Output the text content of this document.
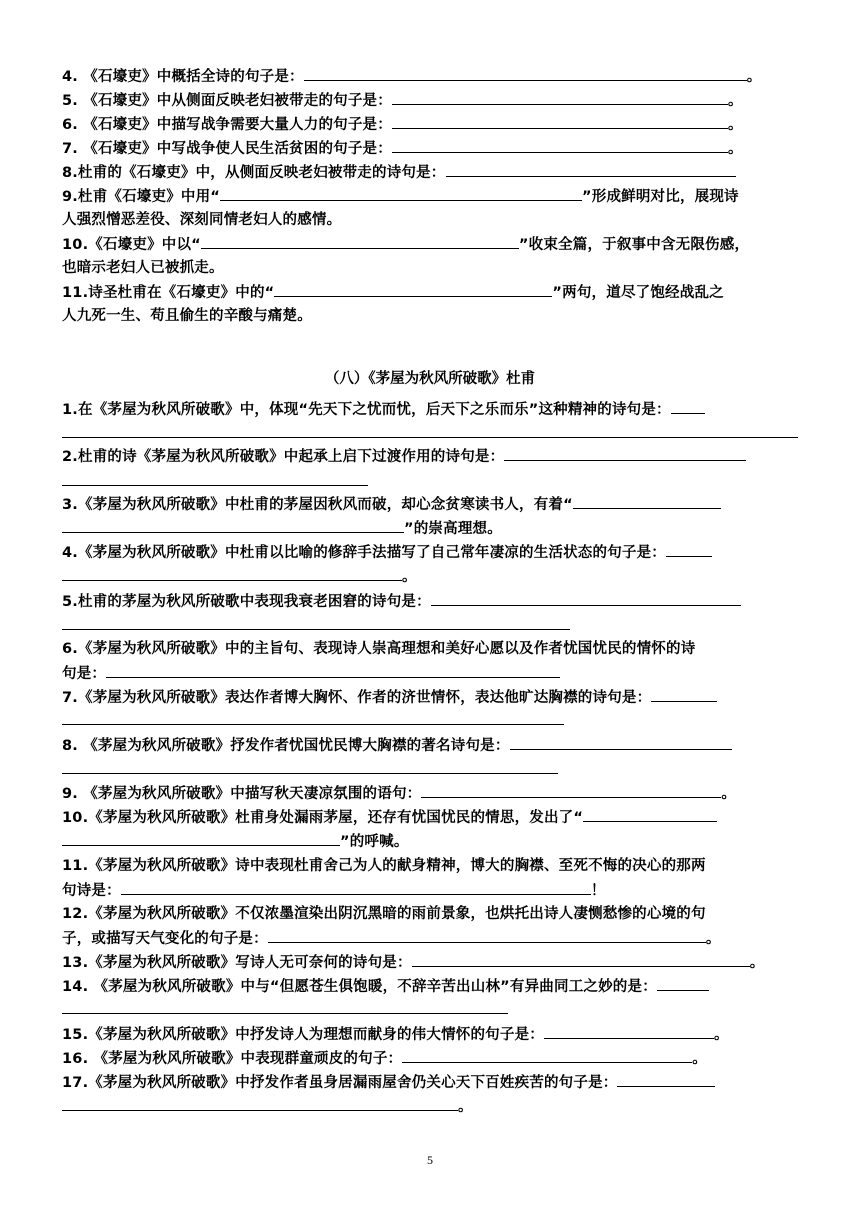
4. 《石壕吏》中概括全诗的句子是：	。
5. 《石壕吏》中从侧面反映老妇被带走的句子是：	。
6. 《石壕吏》中描写战争需要大量人力的句子是：	。
7. 《石壕吏》中写战争使人民生活贫困的句子是：	。
8.杜甫的《石壕吏》中，从侧面反映老妇被带走的诗句是：
9.杜甫《石壕吏》中用“	”形成鲜明对比，展现诗
人强烈憎恶差役、深刻同情老妇人的感情。
10.《石壕吏》中以“	”收束全篇，于叙事中含无限伤感，
也暗示老妇人已被抓走。
11.诗圣杜甫在《石壕吏》中的“	”两句，道尽了饱经战乱之
人九死一生、苟且偷生的辛酸与痛楚。
（八）《茅屋为秋风所破歌》杜甫
1.在《茅屋为秋风所破歌》中，体现“先天下之忧而忧，后天下之乐而乐”这种精神的诗句是：
2.杜甫的诗《茅屋为秋风所破歌》中起承上启下过渡作用的诗句是：
3.《茅屋为秋风所破歌》中杜甫的茅屋因秋风而破，却心念贫寒读书人，有着“
”的崇高理想。
4.《茅屋为秋风所破歌》中杜甫以比喻的修辞手法描写了自己常年凄凉的生活状态的句子是：
。
5.杜甫的茅屋为秋风所破歌中表现我衰老困窘的诗句是：
6.《茅屋为秋风所破歌》中的主旨句、表现诗人崇高理想和美好心愿以及作者忧国忧民的情怀的诗
句是：
7.《茅屋为秋风所破歌》表达作者博大胸怀、作者的济世情怀，表达他旷达胸襟的诗句是：
8. 《茅屋为秋风所破歌》抒发作者忧国忧民博大胸襟的著名诗句是：
9. 《茅屋为秋风所破歌》中描写秋天凄凉氛围的语句：	。
10.《茅屋为秋风所破歌》杜甫身处漏雨茅屋，还存有忧国忧民的情思，发出了“
”的呼喊。
11.《茅屋为秋风所破歌》诗中表现杜甫舍己为人的献身精神，博大的胸襟、至死不悔的决心的那两
句诗是：	！
12.《茅屋为秋风所破歌》不仅浓墨渲染出阴沉黑暗的雨前景象，也烘托出诗人凄恻愁惨的心境的句
子，或描写天气变化的句子是：	。
13.《茅屋为秋风所破歌》写诗人无可奈何的诗句是：	。
14. 《茅屋为秋风所破歌》中与“但愿苍生俱饱暖，不辞辛苦出山林”有异曲同工之妙的是：
15.《茅屋为秋风所破歌》中抒发诗人为理想而献身的伟大情怀的句子是：	。
16. 《茅屋为秋风所破歌》中表现群童顽皮的句子：	。
17.《茅屋为秋风所破歌》中抒发作者虽身居漏雨屋舍仍关心天下百姓疾苦的句子是：
。
5
